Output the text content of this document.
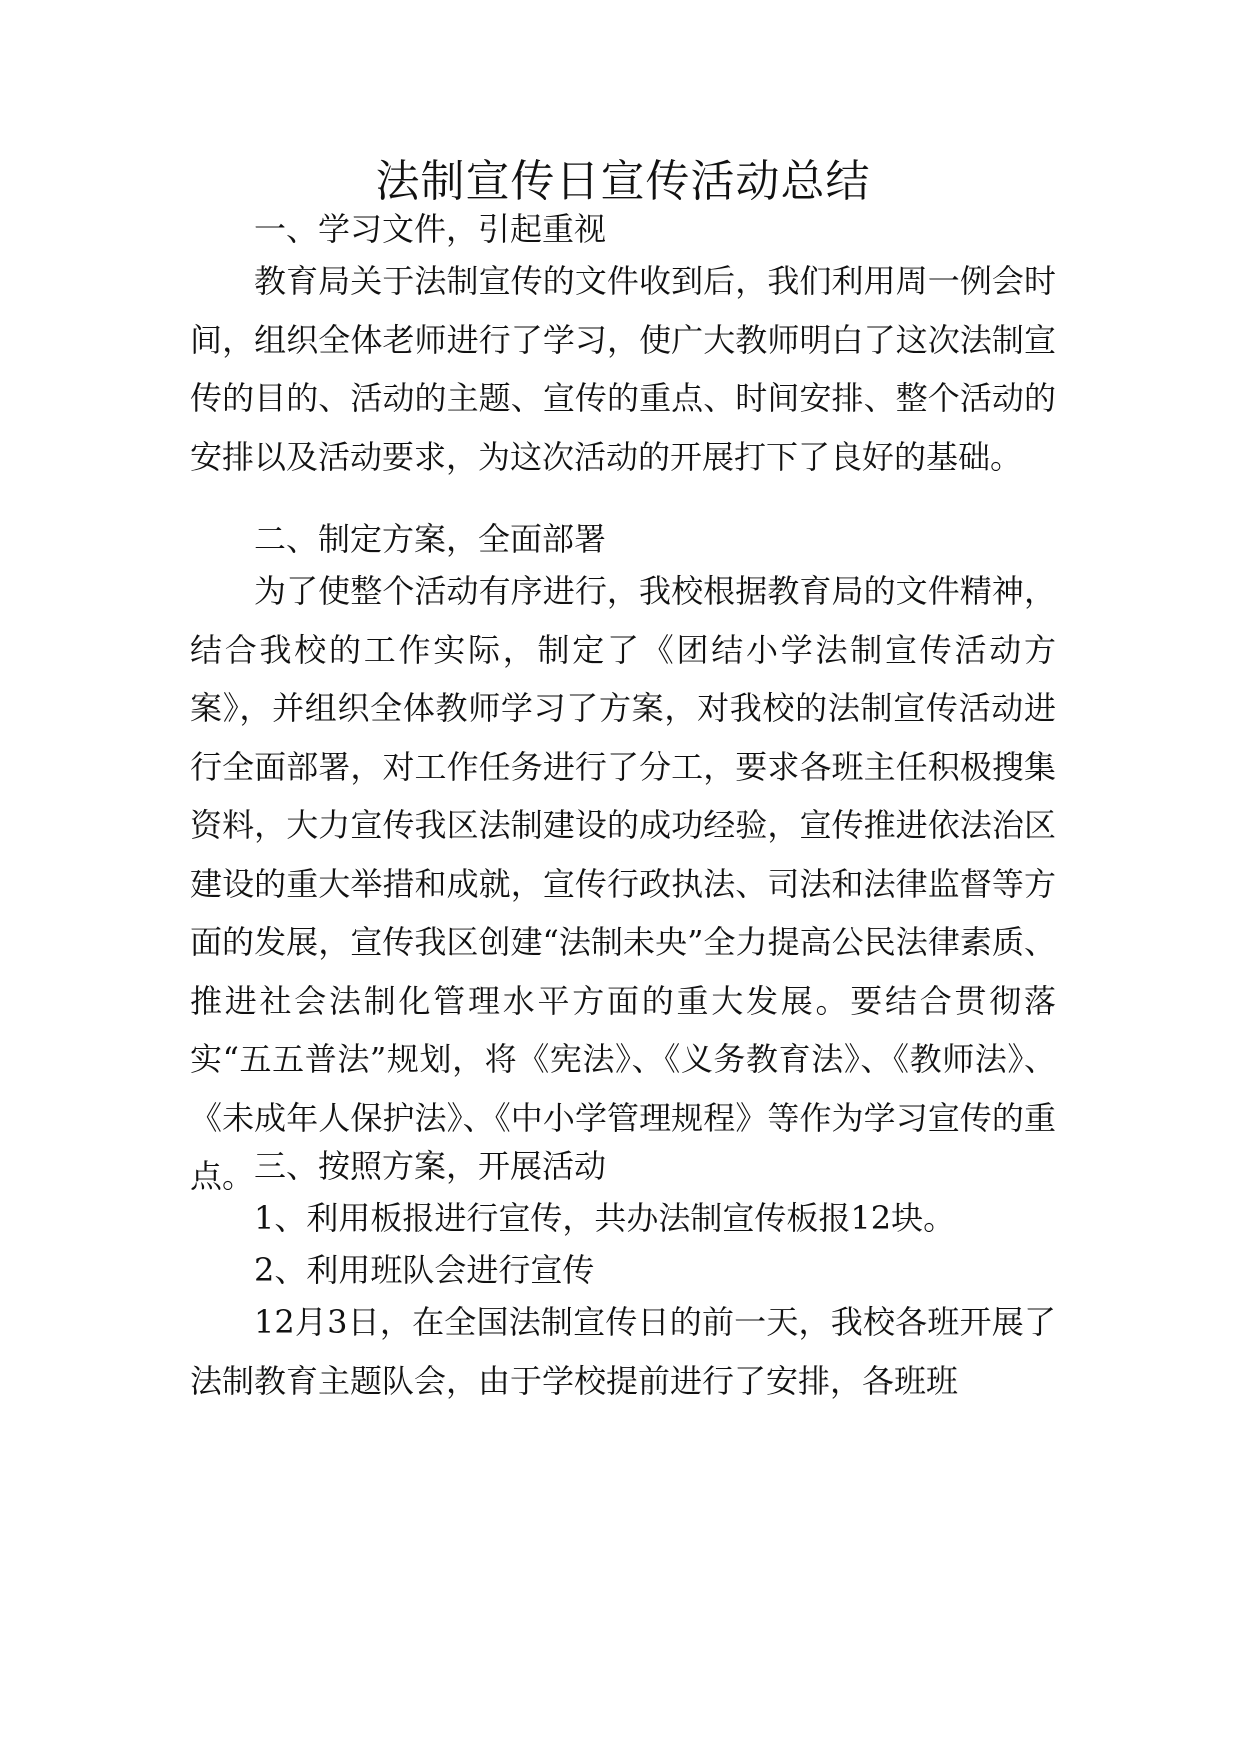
法制宣传日宣传活动总结

一、学习文件，引起重视

教育局关于法制宣传的文件收到后，我们利用周一例会时间，组织全体老师进行了学习，使广大教师明白了这次法制宣传的目的、活动的主题、宣传的重点、时间安排、整个活动的安排以及活动要求，为这次活动的开展打下了良好的基础。

二、制定方案，全面部署

为了使整个活动有序进行，我校根据教育局的文件精神，结合我校的工作实际，制定了《团结小学法制宣传活动方案》，并组织全体教师学习了方案，对我校的法制宣传活动进行全面部署，对工作任务进行了分工，要求各班主任积极搜集资料，大力宣传我区法制建设的成功经验，宣传推进依法治区建设的重大举措和成就，宣传行政执法、司法和法律监督等方面的发展，宣传我区创建“法制未央”全力提高公民法律素质、推进社会法制化管理水平方面的重大发展。要结合贯彻落实“五五普法”规划，将《宪法》、《义务教育法》、《教师法》、《未成年人保护法》、《中小学管理规程》等作为学习宣传的重点。 三、按照方案，开展活动

1、利用板报进行宣传，共办法制宣传板报12块。

2、利用班队会进行宣传

12月3日，在全国法制宣传日的前一天，我校各班开展了法制教育主题队会，由于学校提前进行了安排，各班班
